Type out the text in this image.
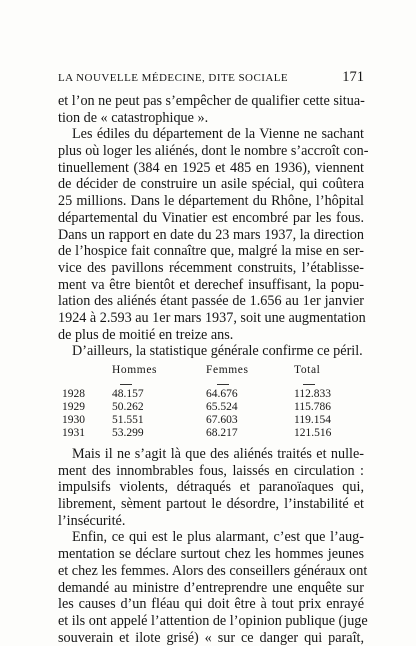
LA NOUVELLE MÉDECINE, DITE SOCIALE	171
et l’on ne peut pas s’empêcher de qualifier cette situa-
tion de « catastrophique ».
Les édiles du département de la Vienne ne sachant
plus où loger les aliénés, dont le nombre s’accroît con-
tinuellement (384 en 1925 et 485 en 1936), viennent
de décider de construire un asile spécial, qui coûtera
25 millions. Dans le département du Rhône, l’hôpital
départemental du Vinatier est encombré par les fous.
Dans un rapport en date du 23 mars 1937, la direction
de l’hospice fait connaître que, malgré la mise en ser-
vice des pavillons récemment construits, l’établisse-
ment va être bientôt et derechef insuffisant, la popu-
lation des aliénés étant passée de 1.656 au 1er janvier
1924 à 2.593 au 1er mars 1937, soit une augmentation
de plus de moitié en treize ans.
D’ailleurs, la statistique générale confirme ce péril.
Hommes	Femmes	Total
1928	48.157	64.676	112.833
1929	50.262	65.524	115.786
1930	51.551	67.603	119.154
1931	53.299	68.217	121.516
Mais il ne s’agit là que des aliénés traités et nulle-
ment des innombrables fous, laissés en circulation :
impulsifs violents, détraqués et paranoïaques qui,
librement, sèment partout le désordre, l’instabilité et
l’insécurité.
Enfin, ce qui est le plus alarmant, c’est que l’aug-
mentation se déclare surtout chez les hommes jeunes
et chez les femmes. Alors des conseillers généraux ont
demandé au ministre d’entreprendre une enquête sur
les causes d’un fléau qui doit être à tout prix enrayé
et ils ont appelé l’attention de l’opinion publique (juge
souverain et ilote grisé) « sur ce danger qui paraît,
